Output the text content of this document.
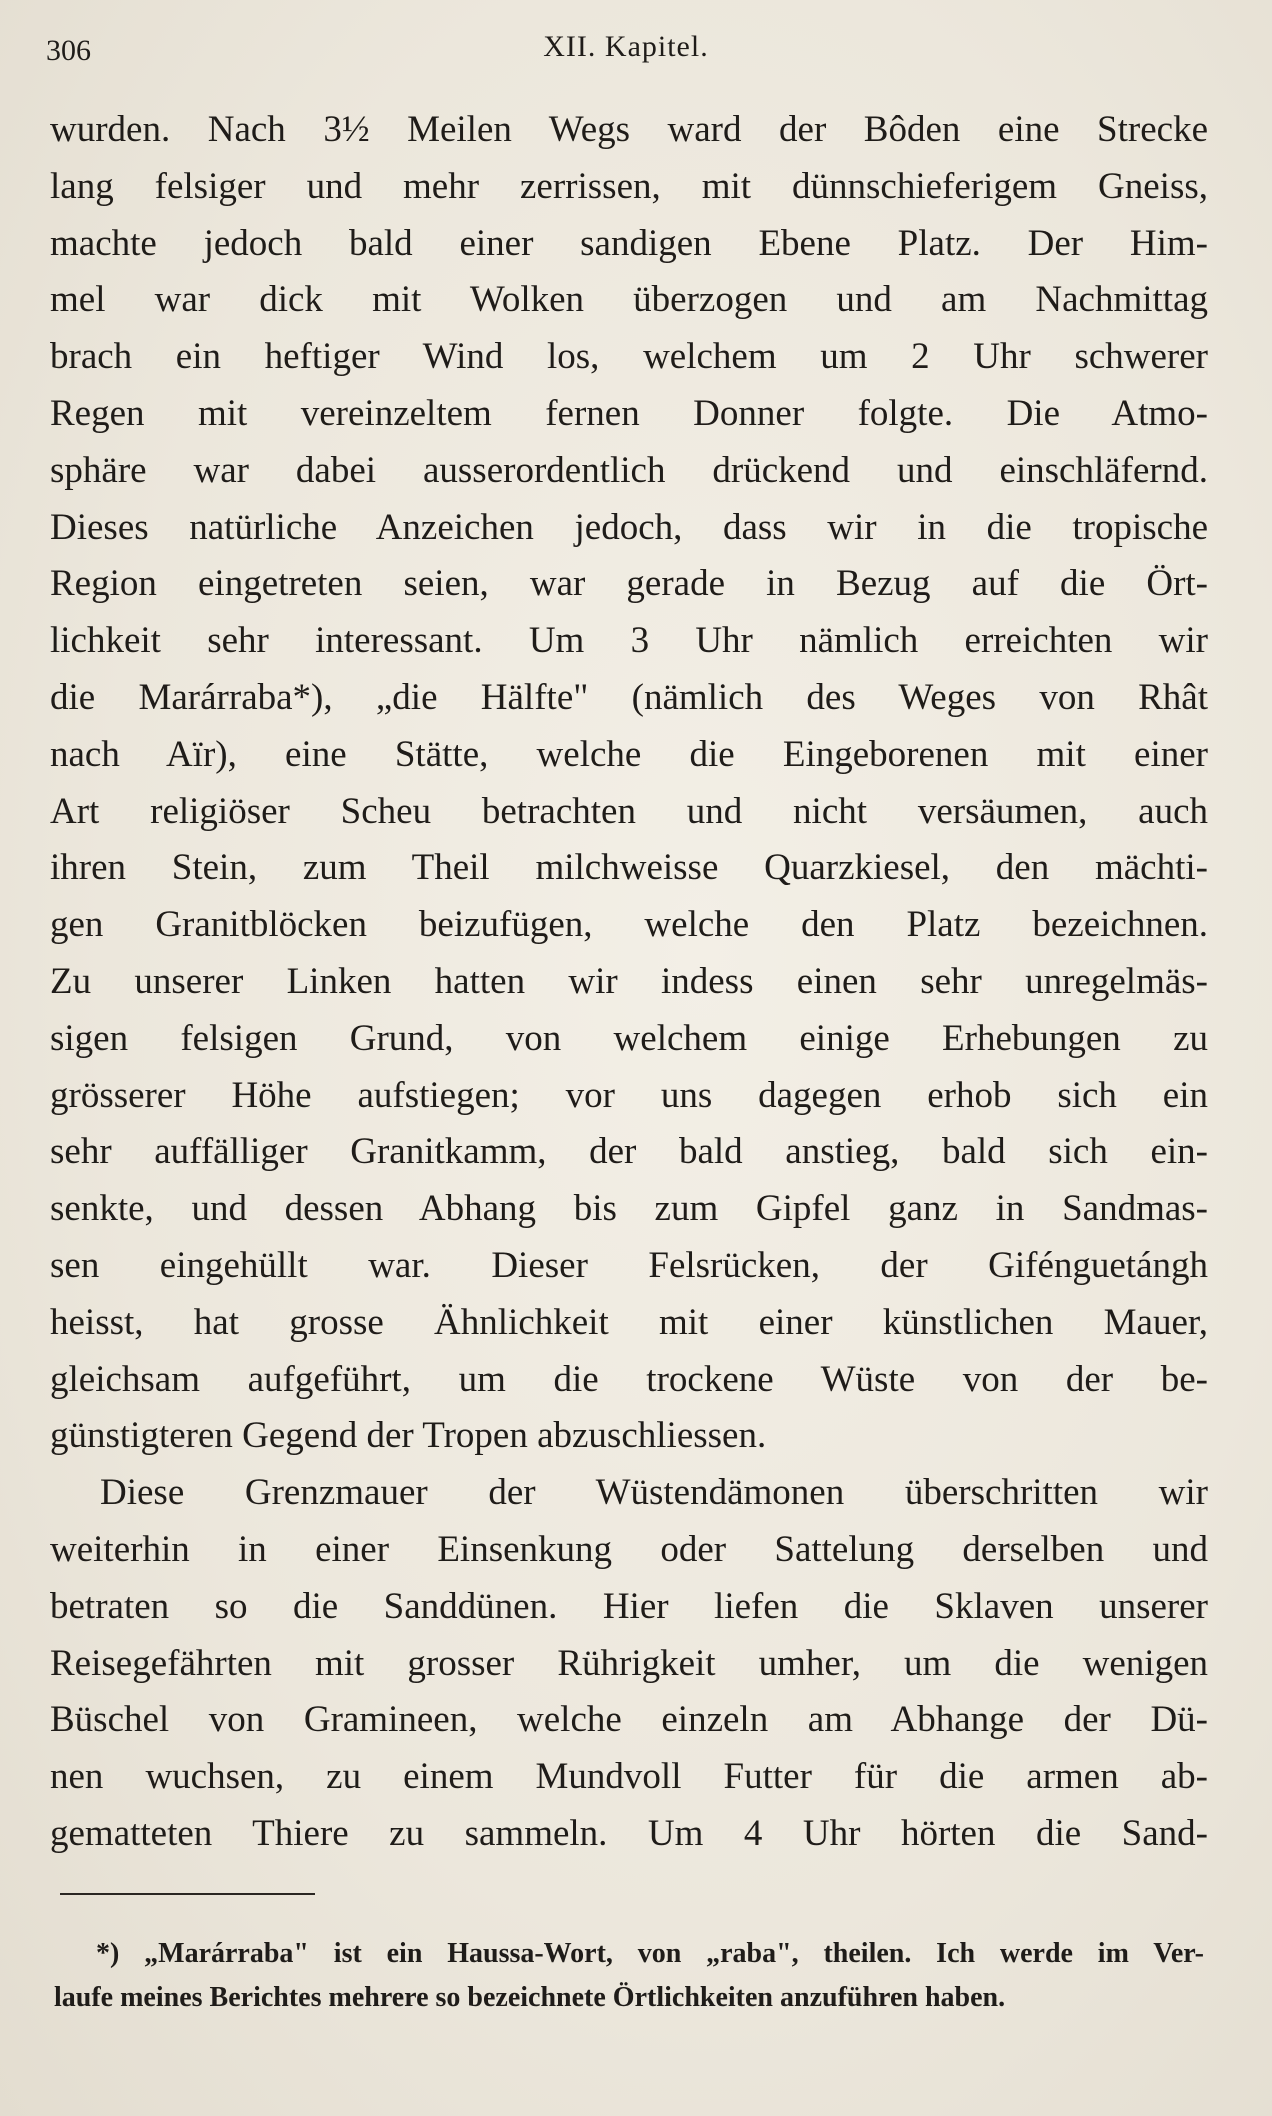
306	XII. Kapitel.
wurden. Nach 3½ Meilen Wegs ward der Bôden eine Strecke
lang felsiger und mehr zerrissen, mit dünnschieferigem Gneiss,
machte jedoch bald einer sandigen Ebene Platz. Der Him-
mel war dick mit Wolken überzogen und am Nachmittag
brach ein heftiger Wind los, welchem um 2 Uhr schwerer
Regen mit vereinzeltem fernen Donner folgte. Die Atmo-
sphäre war dabei ausserordentlich drückend und einschläfernd.
Dieses natürliche Anzeichen jedoch, dass wir in die tropische
Region eingetreten seien, war gerade in Bezug auf die Ört-
lichkeit sehr interessant. Um 3 Uhr nämlich erreichten wir
die Marárraba*), „die Hälfte" (nämlich des Weges von Rhât
nach Aïr), eine Stätte, welche die Eingeborenen mit einer
Art religiöser Scheu betrachten und nicht versäumen, auch
ihren Stein, zum Theil milchweisse Quarzkiesel, den mächti-
gen Granitblöcken beizufügen, welche den Platz bezeichnen.
Zu unserer Linken hatten wir indess einen sehr unregelmäs-
sigen felsigen Grund, von welchem einige Erhebungen zu
grösserer Höhe aufstiegen; vor uns dagegen erhob sich ein
sehr auffälliger Granitkamm, der bald anstieg, bald sich ein-
senkte, und dessen Abhang bis zum Gipfel ganz in Sandmas-
sen eingehüllt war. Dieser Felsrücken, der Gifénguetángh
heisst, hat grosse Ähnlichkeit mit einer künstlichen Mauer,
gleichsam aufgeführt, um die trockene Wüste von der be-
günstigteren Gegend der Tropen abzuschliessen.
Diese Grenzmauer der Wüstendämonen überschritten wir
weiterhin in einer Einsenkung oder Sattelung derselben und
betraten so die Sanddünen. Hier liefen die Sklaven unserer
Reisegefährten mit grosser Rührigkeit umher, um die wenigen
Büschel von Gramineen, welche einzeln am Abhange der Dü-
nen wuchsen, zu einem Mundvoll Futter für die armen ab-
gematteten Thiere zu sammeln. Um 4 Uhr hörten die Sand-
*) „Marárraba" ist ein Haussa-Wort, von „raba", theilen. Ich werde im Ver-
laufe meines Berichtes mehrere so bezeichnete Örtlichkeiten anzuführen haben.
